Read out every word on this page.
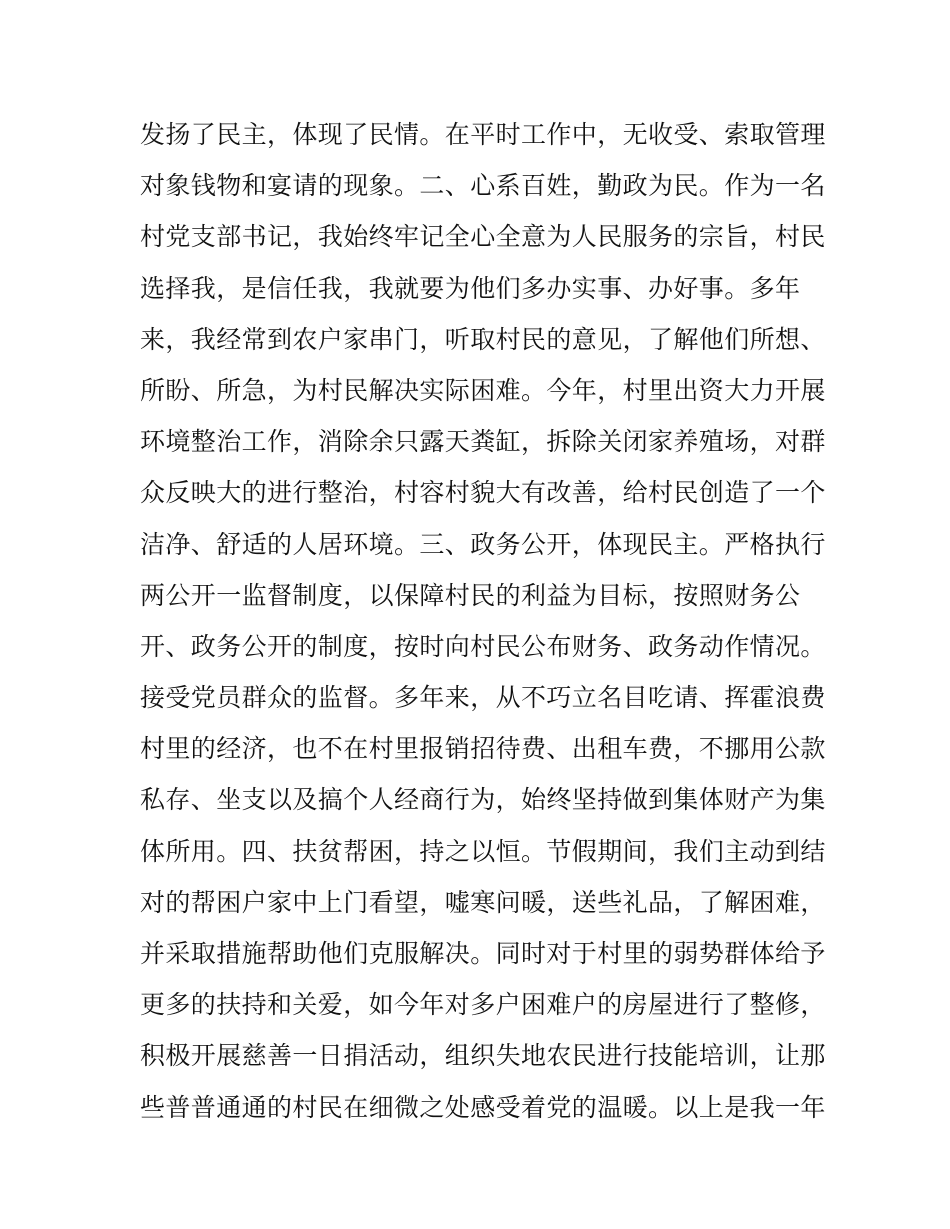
发扬了民主，体现了民情。在平时工作中，无收受、索取管理
对象钱物和宴请的现象。二、心系百姓，勤政为民。作为一名
村党支部书记，我始终牢记全心全意为人民服务的宗旨，村民
选择我，是信任我，我就要为他们多办实事、办好事。多年
来，我经常到农户家串门，听取村民的意见，了解他们所想、
所盼、所急，为村民解决实际困难。今年，村里出资大力开展
环境整治工作，消除余只露天粪缸，拆除关闭家养殖场，对群
众反映大的进行整治，村容村貌大有改善，给村民创造了一个
洁净、舒适的人居环境。三、政务公开，体现民主。严格执行
两公开一监督制度，以保障村民的利益为目标，按照财务公
开、政务公开的制度，按时向村民公布财务、政务动作情况。
接受党员群众的监督。多年来，从不巧立名目吃请、挥霍浪费
村里的经济，也不在村里报销招待费、出租车费，不挪用公款
私存、坐支以及搞个人经商行为，始终坚持做到集体财产为集
体所用。四、扶贫帮困，持之以恒。节假期间，我们主动到结
对的帮困户家中上门看望，嘘寒问暖，送些礼品，了解困难，
并采取措施帮助他们克服解决。同时对于村里的弱势群体给予
更多的扶持和关爱，如今年对多户困难户的房屋进行了整修，
积极开展慈善一日捐活动，组织失地农民进行技能培训，让那
些普普通通的村民在细微之处感受着党的温暖。以上是我一年
